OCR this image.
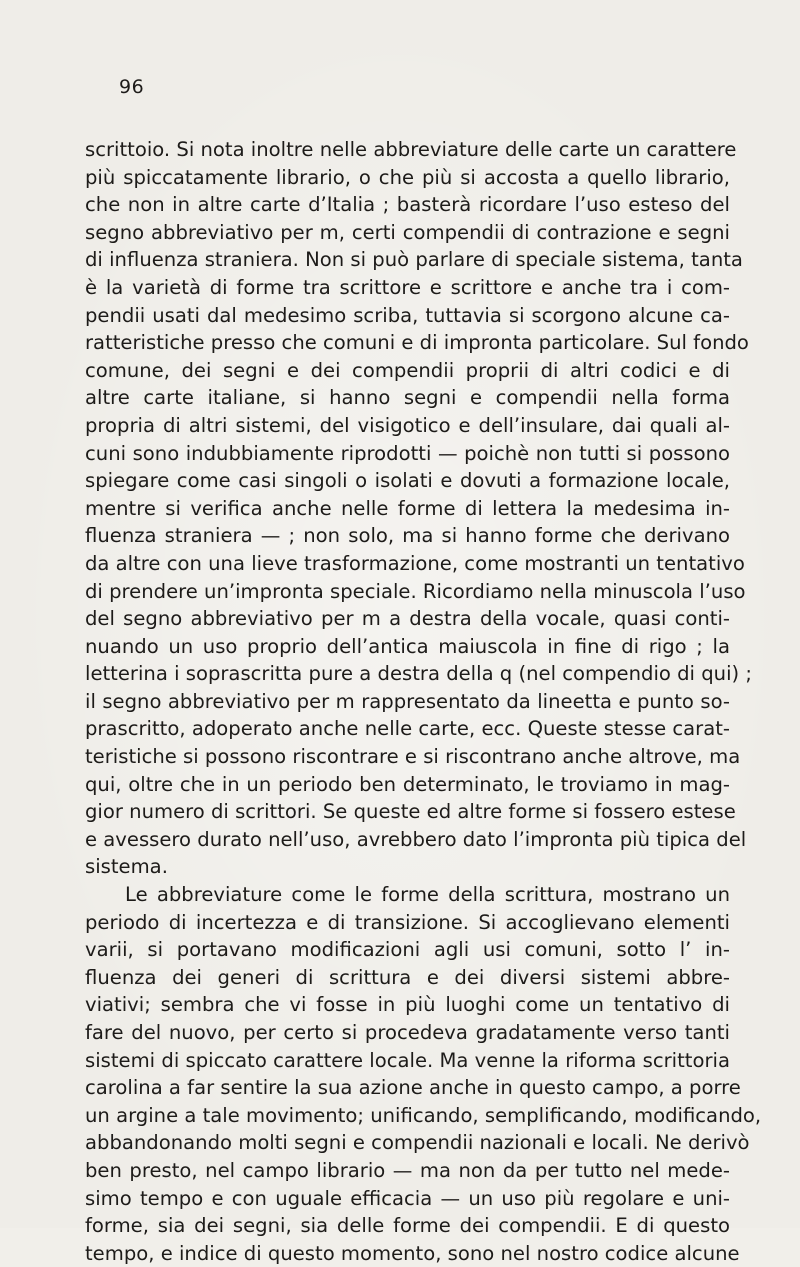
96
scrittoio. Si nota inoltre nelle abbreviature delle carte un carattere
più spiccatamente librario, o che più si accosta a quello librario,
che non in altre carte d’Italia ; basterà ricordare l’uso esteso del
segno abbreviativo per m, certi compendii di contrazione e segni
di influenza straniera. Non si può parlare di speciale sistema, tanta
è la varietà di forme tra scrittore e scrittore e anche tra i com-
pendii usati dal medesimo scriba, tuttavia si scorgono alcune ca-
ratteristiche presso che comuni e di impronta particolare. Sul fondo
comune, dei segni e dei compendii proprii di altri codici e di
altre carte italiane, si hanno segni e compendii nella forma
propria di altri sistemi, del visigotico e dell’insulare, dai quali al-
cuni sono indubbiamente riprodotti — poichè non tutti si possono
spiegare come casi singoli o isolati e dovuti a formazione locale,
mentre si verifica anche nelle forme di lettera la medesima in-
fluenza straniera — ; non solo, ma si hanno forme che derivano
da altre con una lieve trasformazione, come mostranti un tentativo
di prendere un’impronta speciale. Ricordiamo nella minuscola l’uso
del segno abbreviativo per m a destra della vocale, quasi conti-
nuando un uso proprio dell’antica maiuscola in fine di rigo ; la
letterina i soprascritta pure a destra della q (nel compendio di qui) ;
il segno abbreviativo per m rappresentato da lineetta e punto so-
prascritto, adoperato anche nelle carte, ecc. Queste stesse carat-
teristiche si possono riscontrare e si riscontrano anche altrove, ma
qui, oltre che in un periodo ben determinato, le troviamo in mag-
gior numero di scrittori. Se queste ed altre forme si fossero estese
e avessero durato nell’uso, avrebbero dato l’impronta più tipica del
sistema.
Le abbreviature come le forme della scrittura, mostrano un
periodo di incertezza e di transizione. Si accoglievano elementi
varii, si portavano modificazioni agli usi comuni, sotto l’ in-
fluenza dei generi di scrittura e dei diversi sistemi abbre-
viativi; sembra che vi fosse in più luoghi come un tentativo di
fare del nuovo, per certo si procedeva gradatamente verso tanti
sistemi di spiccato carattere locale. Ma venne la riforma scrittoria
carolina a far sentire la sua azione anche in questo campo, a porre
un argine a tale movimento; unificando, semplificando, modificando,
abbandonando molti segni e compendii nazionali e locali. Ne derivò
ben presto, nel campo librario — ma non da per tutto nel mede-
simo tempo e con uguale efficacia — un uso più regolare e uni-
forme, sia dei segni, sia delle forme dei compendii. E di questo
tempo, e indice di questo momento, sono nel nostro codice alcune
